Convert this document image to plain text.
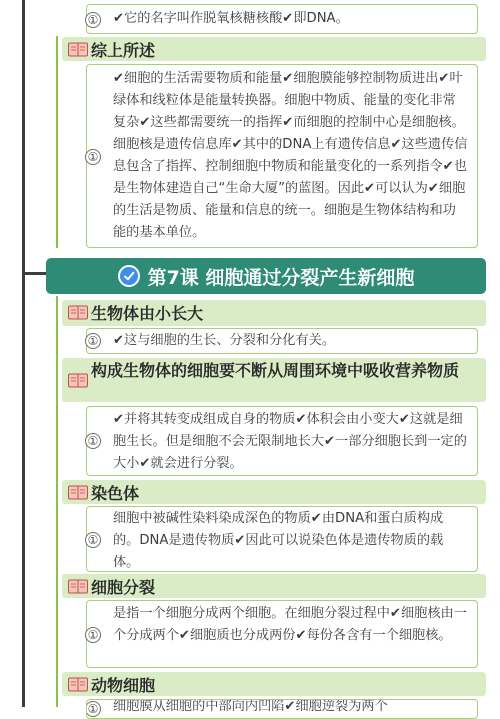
① ✔它的名字叫作脱氧核糖核酸✔即DNA。
综上所述
①
✔细胞的生活需要物质和能量✔细胞膜能够控制物质进出✔叶绿体和线粒体是能量转换器。细胞中物质、能量的变化非常复杂✔这些都需要统一的指挥✔而细胞的控制中心是细胞核。细胞核是遗传信息库✔其中的DNA上有遗传信息✔这些遗传信息包含了指挥、控制细胞中物质和能量变化的一系列指令✔也是生物体建造自己“生命大厦”的蓝图。因此✔可以认为✔细胞的生活是物质、能量和信息的统一。细胞是生物体结构和功能的基本单位。
第7课 细胞通过分裂产生新细胞
生物体由小长大
① ✔这与细胞的生长、分裂和分化有关。
构成生物体的细胞要不断从周围环境中吸收营养物质
①
✔并将其转变成组成自身的物质✔体积会由小变大✔这就是细胞生长。但是细胞不会无限制地长大✔一部分细胞长到一定的大小✔就会进行分裂。
染色体
①
细胞中被碱性染料染成深色的物质✔由DNA和蛋白质构成的。DNA是遗传物质✔因此可以说染色体是遗传物质的载体。
细胞分裂
①
是指一个细胞分成两个细胞。在细胞分裂过程中✔细胞核由一个分成两个✔细胞质也分成两份✔每份各含有一个细胞核。
动物细胞
① 细胞膜从细胞的中部向内凹陷✔细胞逆裂为两个
